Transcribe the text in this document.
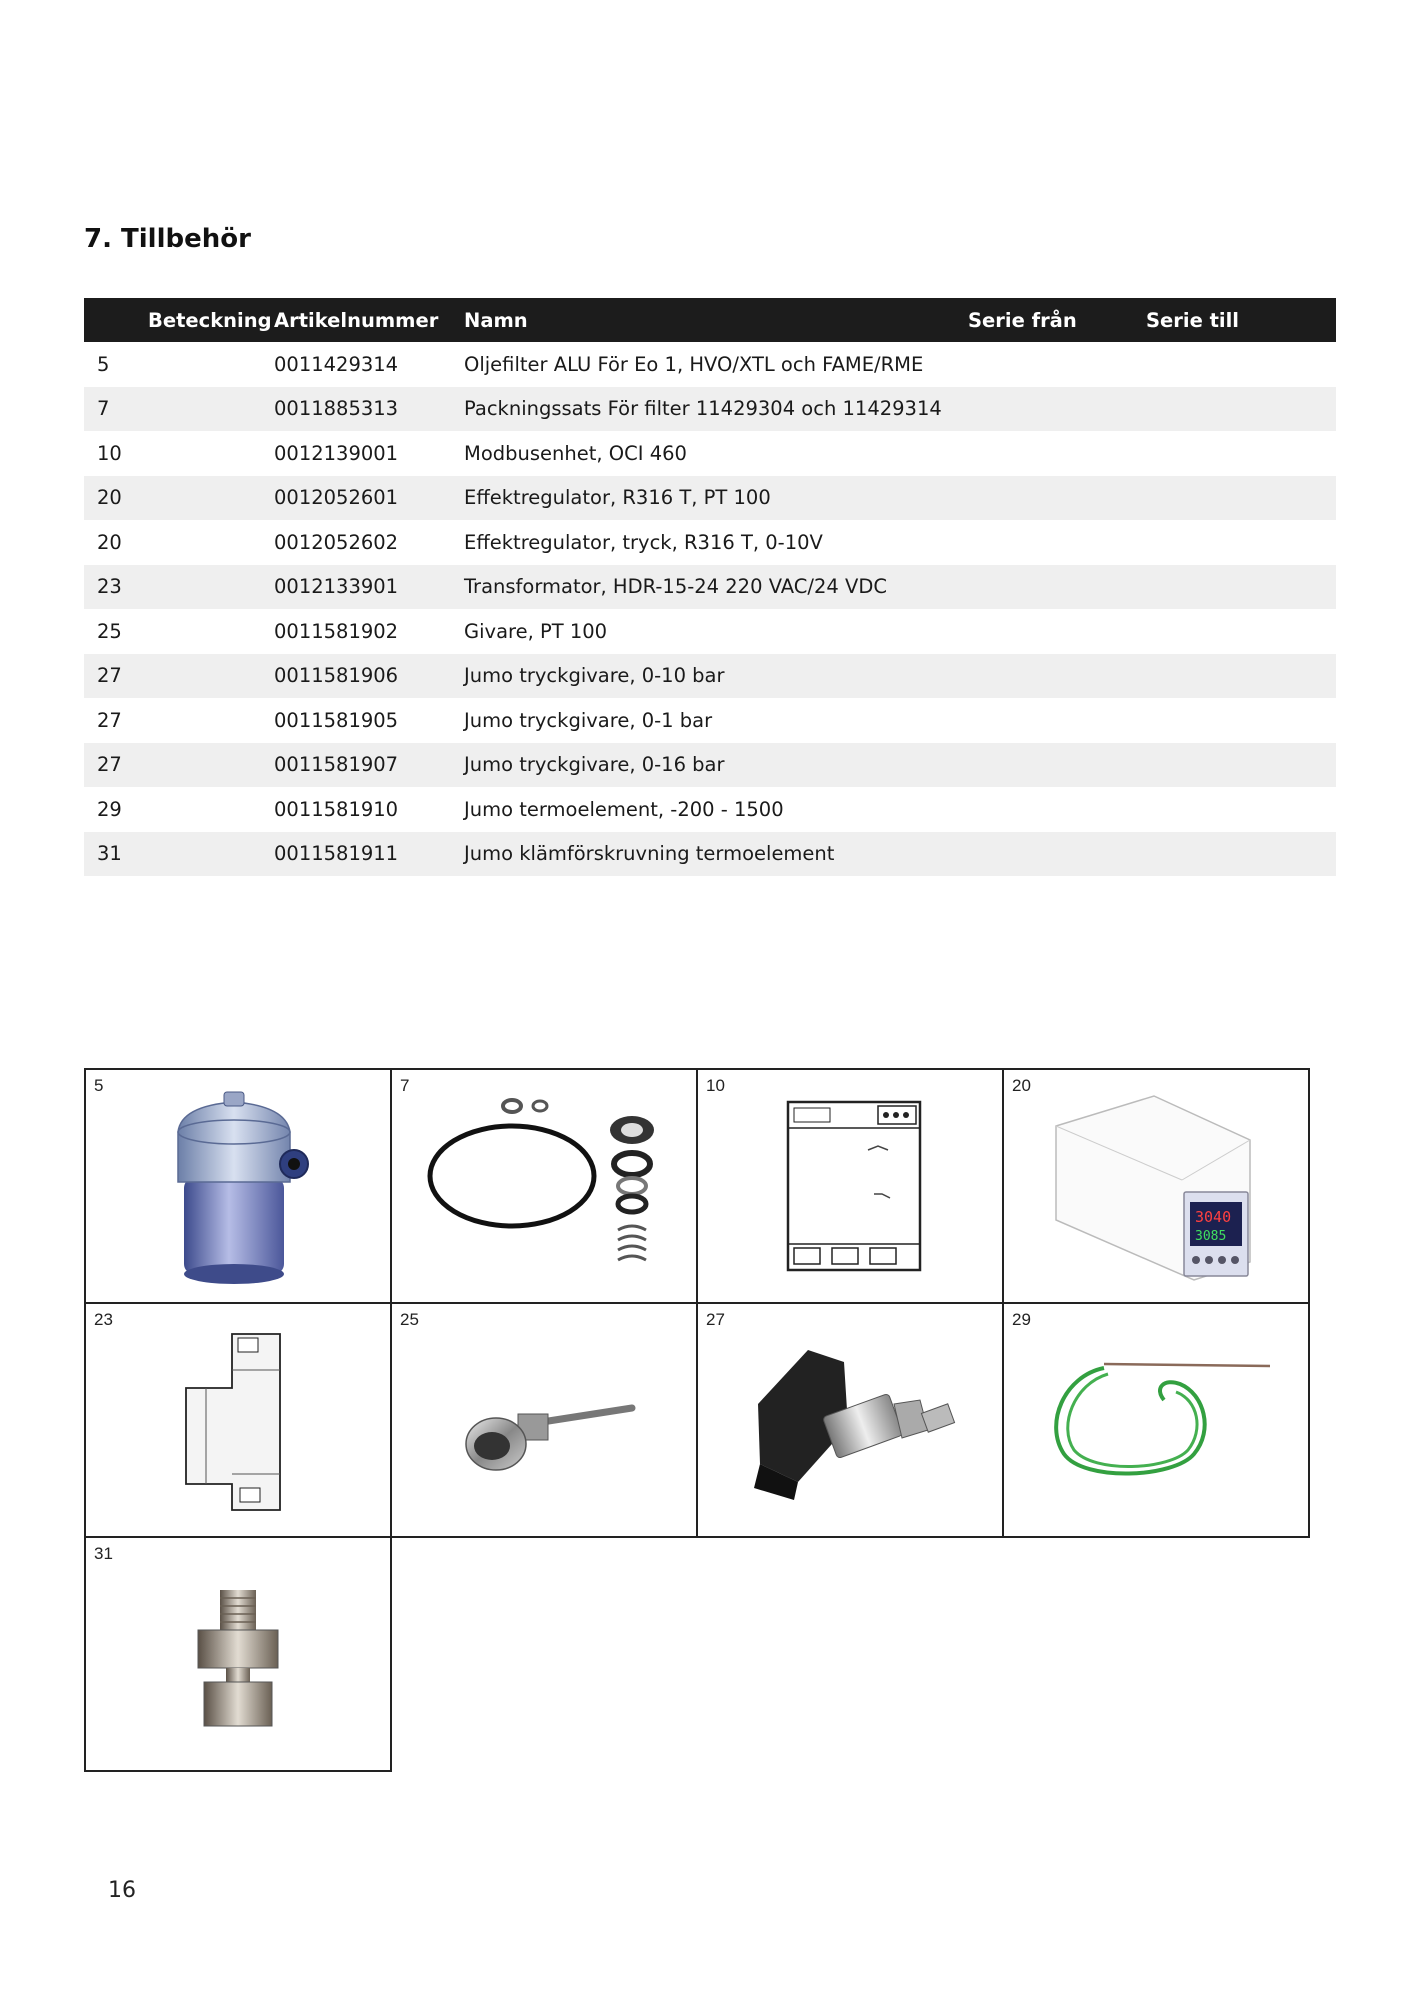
7. Tillbehör
Beteckning	Artikelnummer	Namn	Serie från	Serie till

5	0011429314	Oljefilter ALU För Eo 1, HVO/XTL och FAME/RME		

7	0011885313	Packningssats För filter 11429304 och 11429314		

10	0012139001	Modbusenhet, OCI 460		

20	0012052601	Effektregulator, R316 T, PT 100		

20	0012052602	Effektregulator, tryck, R316 T, 0-10V		

23	0012133901	Transformator, HDR-15-24 220 VAC/24 VDC		

25	0011581902	Givare, PT 100		

27	0011581906	Jumo tryckgivare, 0-10 bar		

27	0011581905	Jumo tryckgivare, 0-1 bar		

27	0011581907	Jumo tryckgivare, 0-16 bar		

29	0011581910	Jumo termoelement, -200 - 1500		

31	0011581911	Jumo klämförskruvning termoelement		

5	7	10	20
3040
3085
23	25	27	29
31
16
